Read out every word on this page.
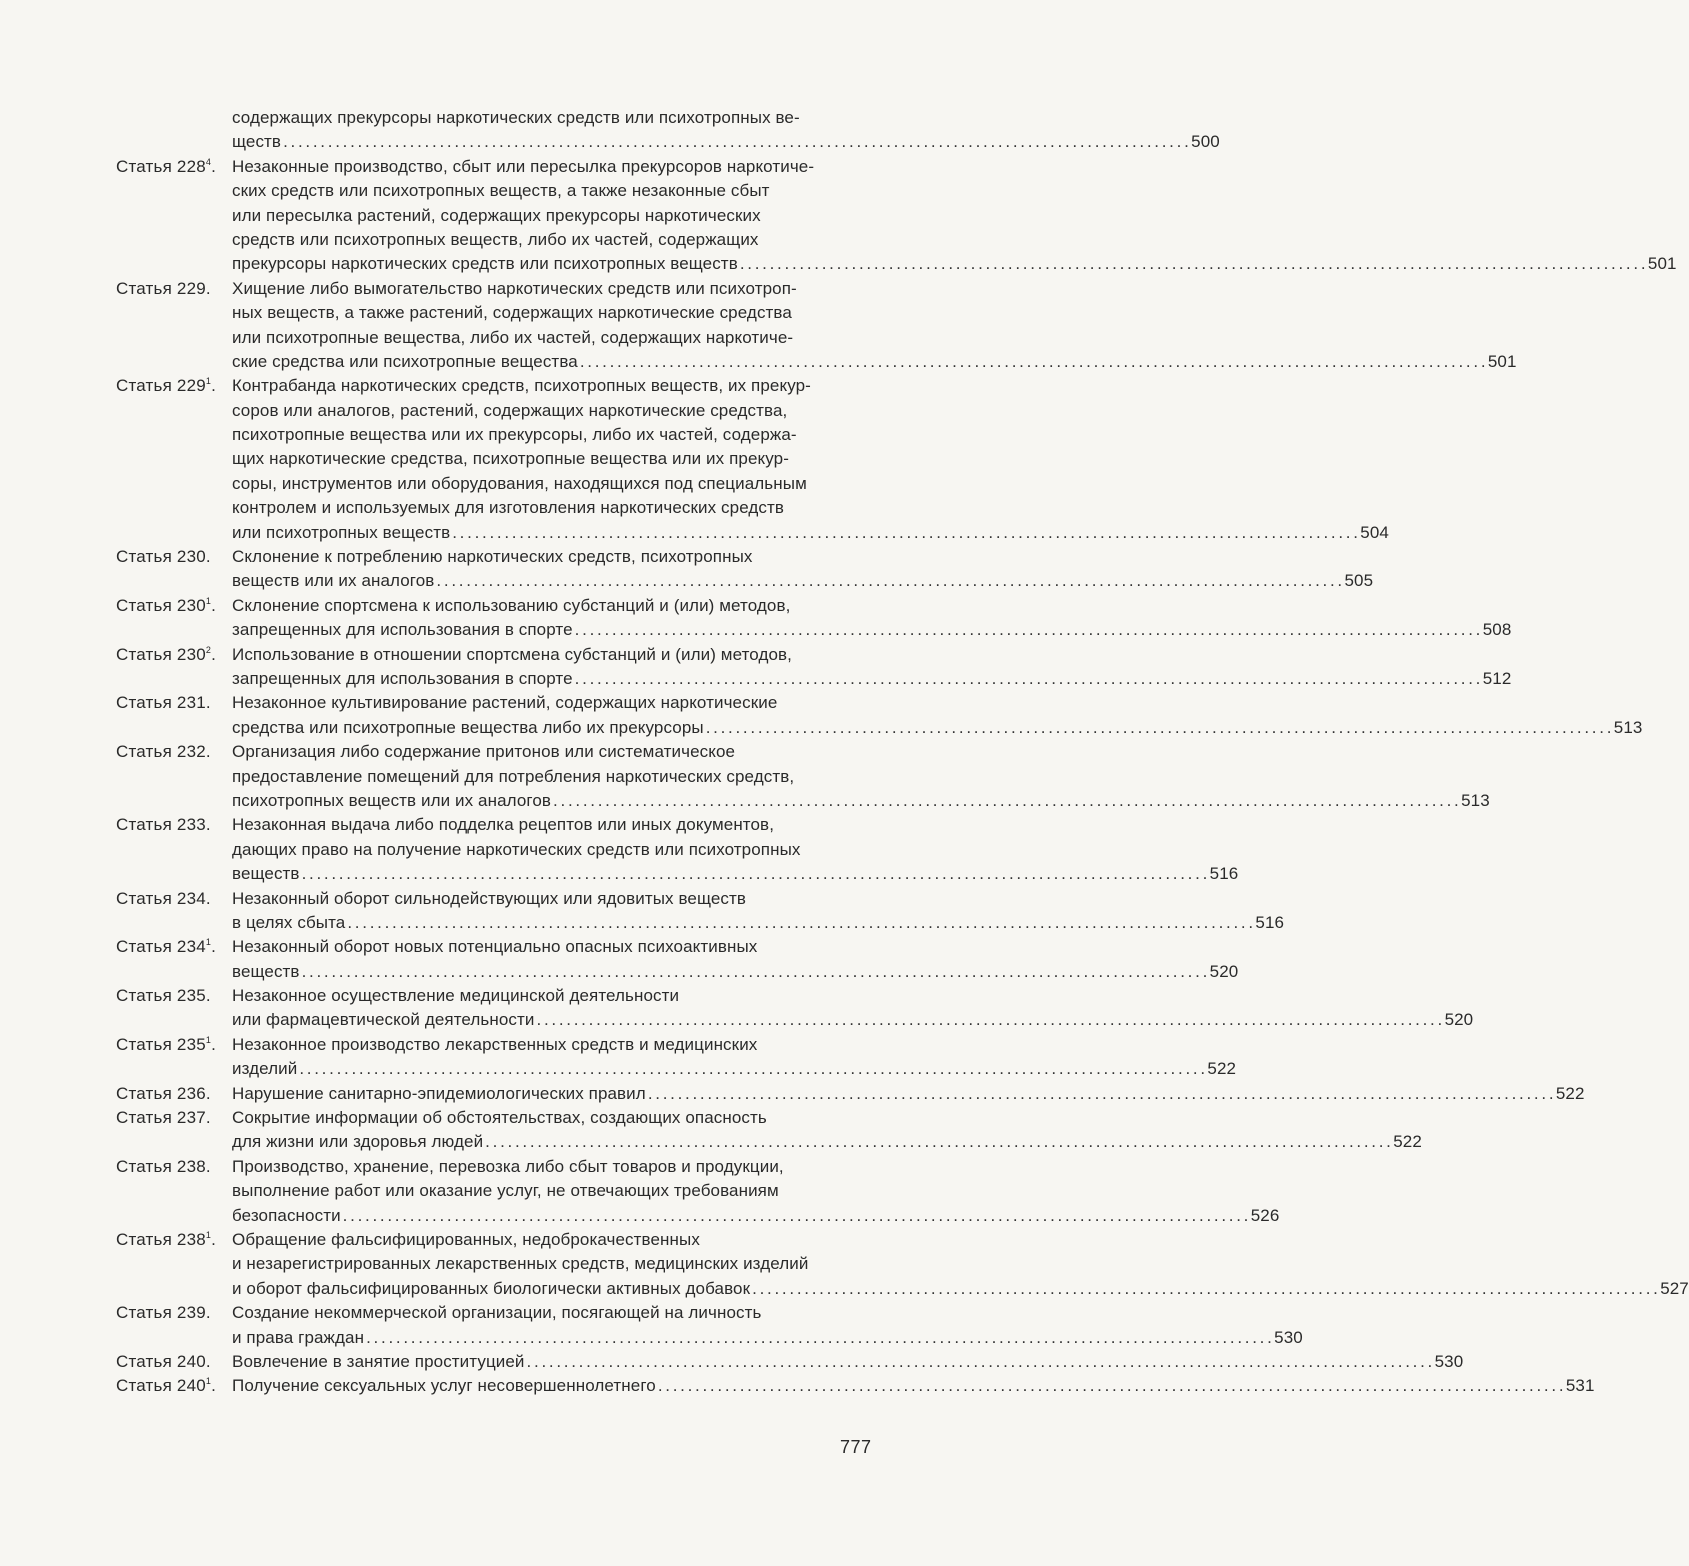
содержащих прекурсоры наркотических средств или психотропных ве-
ществ . . .	500
Статья $228^4$. Незаконные производство, сбыт или пересылка прекурсоров наркотиче-
ских средств или психотропных веществ, а также незаконные сбыт
или пересылка растений, содержащих прекурсоры наркотических
средств или психотропных веществ, либо их частей, содержащих
прекурсоры наркотических средств или психотропных веществ . . .	501
Статья 229.	Хищение либо вымогательство наркотических средств или психотроп-
ных веществ, а также растений, содержащих наркотические средства
или психотропные вещества, либо их частей, содержащих наркотиче-
ские средства или психотропные вещества . . .	501
Статья $229^1$. Контрабанда наркотических средств, психотропных веществ, их прекур-
соров или аналогов, растений, содержащих наркотические средства,
психотропные вещества или их прекурсоры, либо их частей, содержа-
щих наркотические средства, психотропные вещества или их прекур-
соры, инструментов или оборудования, находящихся под специальным
контролем и используемых для изготовления наркотических средств
или психотропных веществ . . .	504
Статья 230.	Склонение к потреблению наркотических средств, психотропных
веществ или их аналогов . . .	505
Статья $230^1$. Склонение спортсмена к использованию субстанций и (или) методов,
запрещенных для использования в спорте . . .	508
Статья $230^2$. Использование в отношении спортсмена субстанций и (или) методов,
запрещенных для использования в спорте . . .	512
Статья 231.	Незаконное культивирование растений, содержащих наркотические
средства или психотропные вещества либо их прекурсоры . . .	513
Статья 232.	Организация либо содержание притонов или систематическое
предоставление помещений для потребления наркотических средств,
психотропных веществ или их аналогов . . .	513
Статья 233.	Незаконная выдача либо подделка рецептов или иных документов,
дающих право на получение наркотических средств или психотропных
веществ . . .	516
Статья 234.	Незаконный оборот сильнодействующих или ядовитых веществ
в целях сбыта . . .	516
Статья $234^1$. Незаконный оборот новых потенциально опасных психоактивных
веществ . . .	520
Статья 235.	Незаконное осуществление медицинской деятельности
или фармацевтической деятельности . . .	520
Статья $235^1$. Незаконное производство лекарственных средств и медицинских
изделий . . .	522
Статья 236.	Нарушение санитарно-эпидемиологических правил . . .	522
Статья 237.	Сокрытие информации об обстоятельствах, создающих опасность
для жизни или здоровья людей . . .	522
Статья 238.	Производство, хранение, перевозка либо сбыт товаров и продукции,
выполнение работ или оказание услуг, не отвечающих требованиям
безопасности . . .	526
Статья $238^1$. Обращение фальсифицированных, недоброкачественных
и незарегистрированных лекарственных средств, медицинских изделий
и оборот фальсифицированных биологически активных добавок . . .	527
Статья 239.	Создание некоммерческой организации, посягающей на личность
и права граждан . . .	530
Статья 240.	Вовлечение в занятие проституцией . . .	530
Статья $240^1$. Получение сексуальных услуг несовершеннолетнего . . .	531
777
